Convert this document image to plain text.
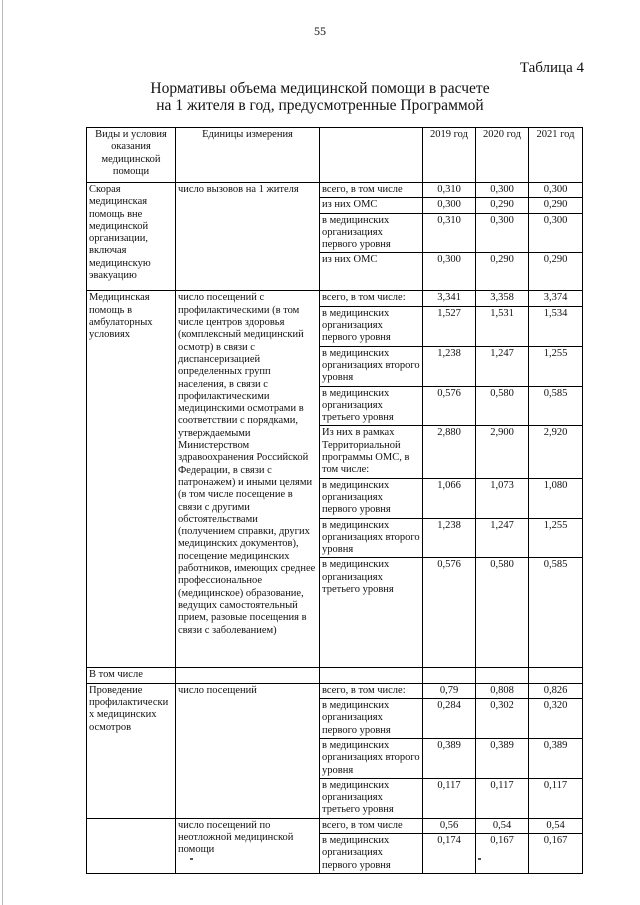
55
Таблица 4
Нормативы объема медицинской помощи в расчете
на 1 жителя в год, предусмотренные Программой
Виды и условия оказания медицинской помощи	Единицы измерения		2019 год	2020 год	2021 год
Скорая медицинская помощь вне медицинской организации, включая медицинскую эвакуацию	число вызовов на 1 жителя	всего, в том числе	0,310	0,300	0,300
		из них ОМС	0,300	0,290	0,290
		в медицинских организациях первого уровня	0,310	0,300	0,300
		из них ОМС	0,300	0,290	0,290
Медицинская помощь в амбулаторных условиях	число посещений с профилактическими (в том числе центров здоровья (комплексный медицинский осмотр) в связи с диспансеризацией определенных групп населения, в связи с профилактическими медицинскими осмотрами в соответствии с порядками, утверждаемыми Министерством здравоохранения Российской Федерации, в связи с патронажем) и иными целями (в том числе посещение в связи с другими обстоятельствами (получением справки, других медицинских документов), посещение медицинских работников, имеющих среднее профессиональное (медицинское) образование, ведущих самостоятельный прием, разовые посещения в связи с заболеванием)	всего, в том числе:	3,341	3,358	3,374
		в медицинских организациях первого уровня	1,527	1,531	1,534
		в медицинских организациях второго уровня	1,238	1,247	1,255
		в медицинских организациях третьего уровня	0,576	0,580	0,585
		Из них в рамках Территориальной программы ОМС, в том числе:	2,880	2,900	2,920
		в медицинских организациях первого уровня	1,066	1,073	1,080
		в медицинских организациях второго уровня	1,238	1,247	1,255
		в медицинских организациях третьего уровня	0,576	0,580	0,585
В том числе					
Проведение профилактически х медицинских осмотров	число посещений	всего, в том числе:	0,79	0,808	0,826
		в медицинских организациях первого уровня	0,284	0,302	0,320
		в медицинских организациях второго уровня	0,389	0,389	0,389
		в медицинских организациях третьего уровня	0,117	0,117	0,117
	число посещений по неотложной медицинской помощи	всего, в том числе	0,56	0,54	0,54
		в медицинских организациях первого уровня	0,174	0,167	0,167
